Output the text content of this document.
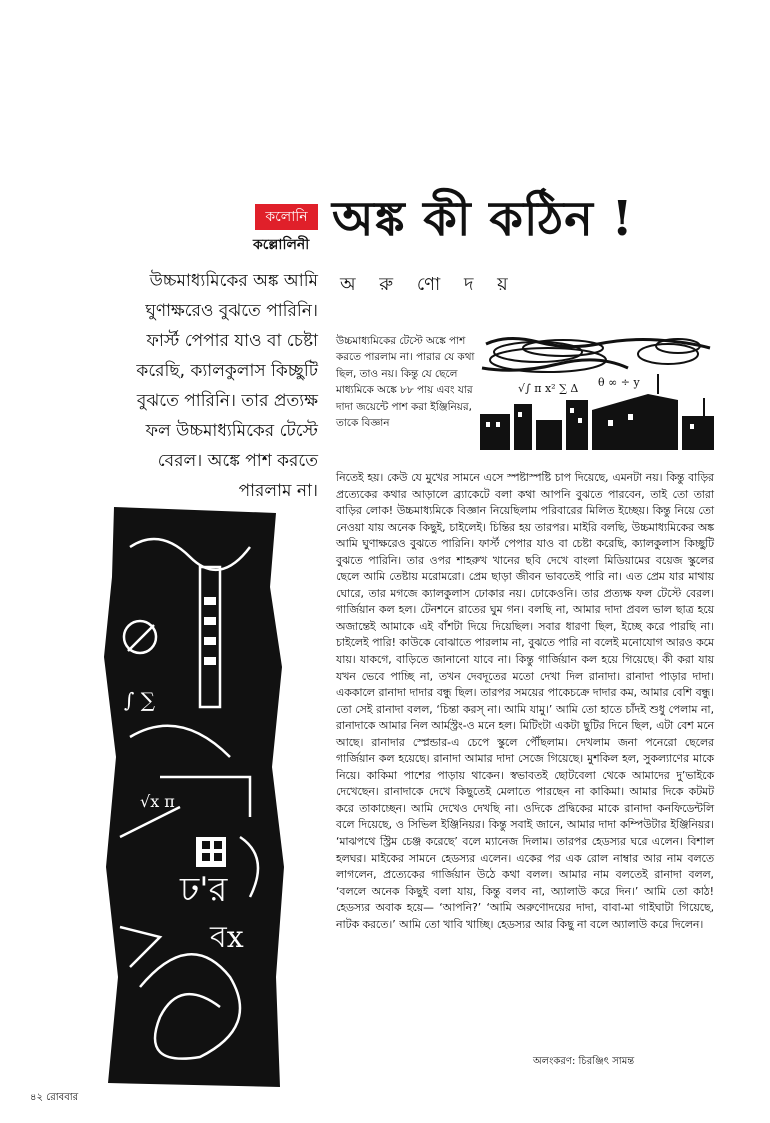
কলোনি
কল্লোলিনী অঙ্ক কী কঠিন !
অ রু ণো দ য়

উচ্চমাধ্যমিকের অঙ্ক আমি ঘুণাক্ষরেও বুঝতে পারিনি। ফার্স্ট পেপার যাও বা চেষ্টা করেছি, ক্যালকুলাস কিচ্ছুটি বুঝতে পারিনি। তার প্রত্যক্ষ ফল উচ্চমাধ্যমিকের টেস্টে বেরল। অঙ্কে পাশ করতে পারলাম না।

উচ্চমাধ্যমিকের টেস্টে অঙ্কে পাশ করতে পারলাম না। পারার যে কথা ছিল, তাও নয়। কিন্তু যে ছেলে মাধ্যমিকে অঙ্কে ৮৮ পায় এবং যার দাদা জয়েন্টে পাশ করা ইঞ্জিনিয়র, তাকে বিজ্ঞান

√∫ π x² ∑ Δ θ ∞ ÷ y

নিতেই হয়। কেউ যে মুখের সামনে এসে স্পষ্টাস্পষ্টি চাপ দিয়েছে, এমনটা নয়। কিন্তু বাড়ির প্রত্যেকের কথার আড়ালে ব্র্যাকেটে বলা কথা আপনি বুঝতে পারবেন, তাই তো তারা বাড়ির লোক! উচ্চমাধ্যমিকে বিজ্ঞান নিয়েছিলাম পরিবারের মিলিত ইচ্ছেয়। কিন্তু নিয়ে তো নেওয়া যায় অনেক কিছুই, চাইলেই। চিন্তির হয় তারপর। মাইরি বলছি, উচ্চমাধ্যমিকের অঙ্ক আমি ঘুণাক্ষরেও বুঝতে পারিনি। ফার্স্ট পেপার যাও বা চেষ্টা করেছি, ক্যালকুলাস কিচ্ছুটি বুঝতে পারিনি। তার ওপর শাহরুখ খানের ছবি দেখে বাংলা মিডিয়ামের বয়েজ স্কুলের ছেলে আমি তেষ্টায় মরোমরো। প্রেম ছাড়া জীবন ভাবতেই পারি না। এত প্রেম যার মাথায় ঘোরে, তার মগজে ক্যালকুলাস ঢোকার নয়। ঢোকেওনি। তার প্রত্যক্ষ ফল টেস্টে বেরল। গার্জিয়ান কল হল। টেনশনে রাতের ঘুম গন। বলছি না, আমার দাদা প্রবল ভাল ছাত্র হয়ে অজান্তেই আমাকে এই বাঁশটা দিয়ে দিয়েছিল। সবার ধারণা ছিল, ইচ্ছে করে পারছি না। চাইলেই পারি! কাউকে বোঝাতে পারলাম না, বুঝতে পারি না বলেই মনোযোগ আরও কমে যায়। যাকগে, বাড়িতে জানানো যাবে না। কিন্তু গার্জিয়ান কল হয়ে গিয়েছে। কী করা যায় যখন ভেবে পাচ্ছি না, তখন দেবদূতের মতো দেখা দিল রানাদা। রানাদা পাড়ার দাদা। এককালে রানাদা দাদার বন্ধু ছিল। তারপর সময়ের পাকেচক্রে দাদার কম, আমার বেশি বন্ধু। তো সেই রানাদা বলল, ‘চিন্তা করস্ না। আমি যামু।’ আমি তো হাতে চাঁদই শুধু পেলাম না, রানাদাকে আমার নিল আর্মস্ট্রং-ও মনে হল। মিটিংটা একটা ছুটির দিনে ছিল, এটা বেশ মনে আছে। রানাদার স্প্লেন্ডার-এ চেপে স্কুলে পৌঁছলাম। দেখলাম জনা পনেরো ছেলের গার্জিয়ান কল হয়েছে। রানাদা আমার দাদা সেজে গিয়েছে। মুশকিল হল, সুকল্যাণের মাকে নিয়ে। কাকিমা পাশের পাড়ায় থাকেন। স্বভাবতই ছোটবেলা থেকে আমাদের দু’ভাইকে দেখেছেন। রানাদাকে দেখে কিছুতেই মেলাতে পারছেন না কাকিমা। আমার দিকে কটমট করে তাকাচ্ছেন। আমি দেখেও দেখছি না। ওদিকে প্রদ্বিকের মাকে রানাদা কনফিডেন্টলি বলে দিয়েছে, ও সিভিল ইঞ্জিনিয়র। কিন্তু সবাই জানে, আমার দাদা কম্পিউটার ইঞ্জিনিয়র। ‘মাঝপথে স্ট্রিম চেঞ্জ করেছে’ বলে ম্যানেজ দিলাম। তারপর হেডস্যর ঘরে এলেন। বিশাল হলঘর। মাইকের সামনে হেডস্যর এলেন। একের পর এক রোল নাম্বার আর নাম বলতে লাগলেন, প্রত্যেকের গার্জিয়ান উঠে কথা বলল। আমার নাম বলতেই রানাদা বলল, ‘বললে অনেক কিছুই বলা যায়, কিন্তু বলব না, অ্যালাউ করে দিন।’ আমি তো কাঠ! হেডস্যর অবাক হয়ে— ‘আপনি?’ ‘আমি অরুণোদয়ের দাদা, বাবা-মা গাইঘাটা গিয়েছে, নাটক করতে।’ আমি তো খাবি খাচ্ছি। হেডস্যর আর কিছু না বলে অ্যালাউ করে দিলেন।

ঢ'র
বx
∫ ∑
√x π
অলংকরণ: চিরঞ্জিৎ সামন্ত
৪২ রোববার
